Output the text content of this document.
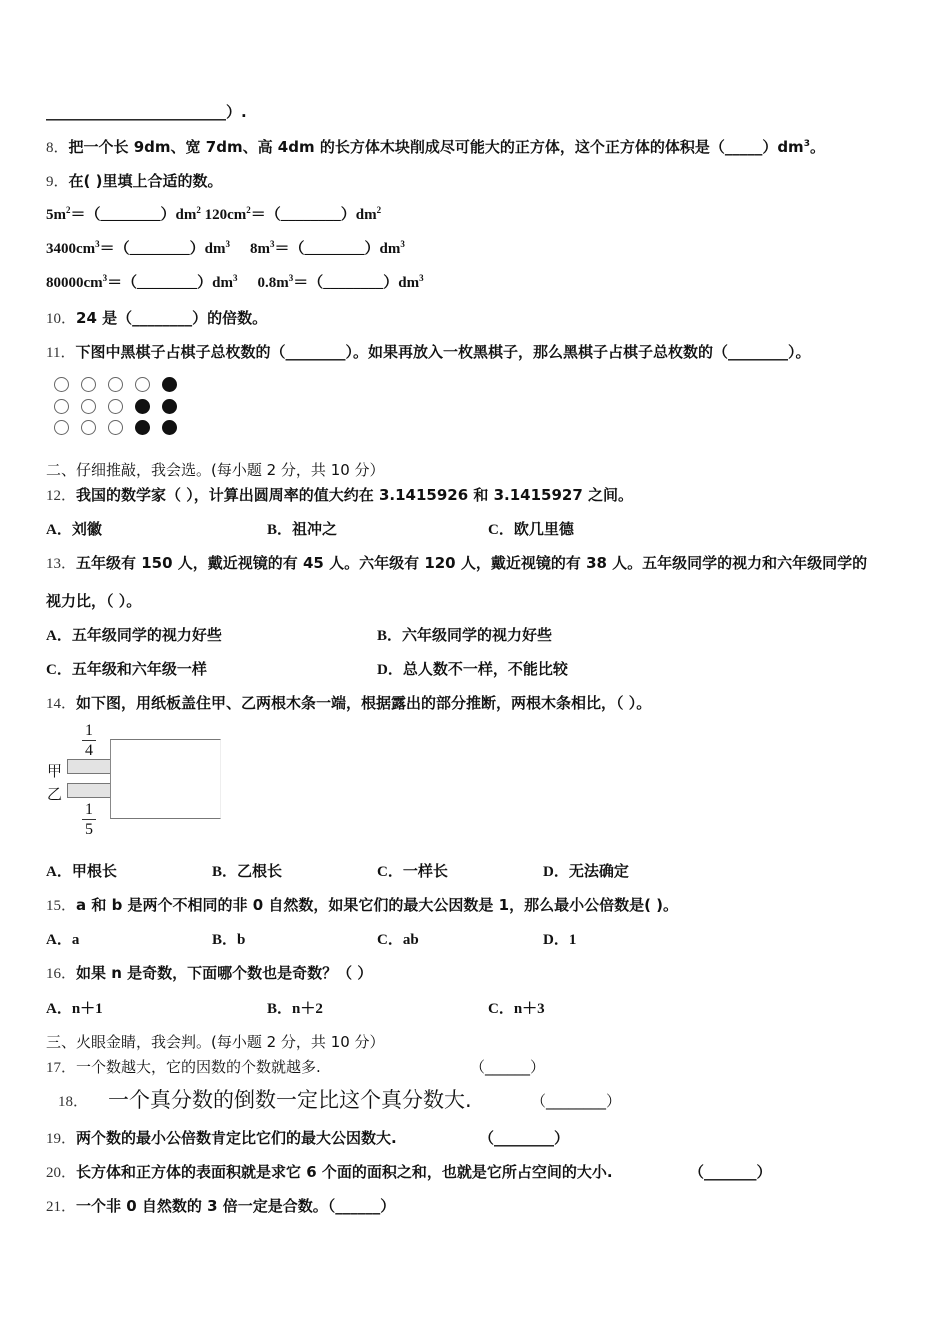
________________________）.
8．把一个长 9dm、宽 7dm、高 4dm 的长方体木块削成尽可能大的正方体，这个正方体的体积是$(\_\_\_\_\_)dm^3$。
9．在( )里填上合适的数。
$5m^2=(\_\_\_\_\_\_\_\_)dm^2$ $120cm^2=(\_\_\_\_\_\_\_\_)dm^2$
$3400cm^3=(\_\_\_\_\_\_\_\_)dm^3$ $8m^3=(\_\_\_\_\_\_\_\_)dm^3$
$80000cm^3=(\_\_\_\_\_\_\_\_)dm^3$ $0.8m^3=(\_\_\_\_\_\_\_\_)dm^3$
10．24 是（________）的倍数。
11．下图中黑棋子占棋子总枚数的（________）。如果再放入一枚黑棋子，那么黑棋子占棋子总枚数的（________）。
二、仔细推敲，我会选。(每小题 2 分，共 10 分）
12．我国的数学家（ ），计算出圆周率的值大约在 3.1415926 和 3.1415927 之间。
A．刘徽	B．祖冲之	C．欧几里德
13．五年级有 150 人，戴近视镜的有 45 人。六年级有 120 人，戴近视镜的有 38 人。五年级同学的视力和六年级同学的
视力比，（ ）。
A．五年级同学的视力好些	B．六年级同学的视力好些
C．五年级和六年级一样	D．总人数不一样，不能比较
14．如下图，用纸板盖住甲、乙两根木条一端，根据露出的部分推断，两根木条相比，（ ）。
1
4
甲
乙
1
5
A．甲根长	B．乙根长	C．一样长	D．无法确定
15．a 和 b 是两个不相同的非 0 自然数，如果它们的最大公因数是 1，那么最小公倍数是( )。
A．a	B．b	C．ab	D．1
16．如果 n 是奇数，下面哪个数也是奇数？（ ）
A．n＋1	B．n＋2	C．n＋3
三、火眼金睛，我会判。(每小题 2 分，共 10 分）
17．一个数越大，它的因数的个数就越多.	（______）
18． 一个真分数的倒数一定比这个真分数大.	（________）
19．两个数的最小公倍数肯定比它们的最大公因数大.	（________）
20．长方体和正方体的表面积就是求它 6 个面的面积之和，也就是它所占空间的大小.	（_______）
21．一个非 0 自然数的 3 倍一定是合数。（______）
